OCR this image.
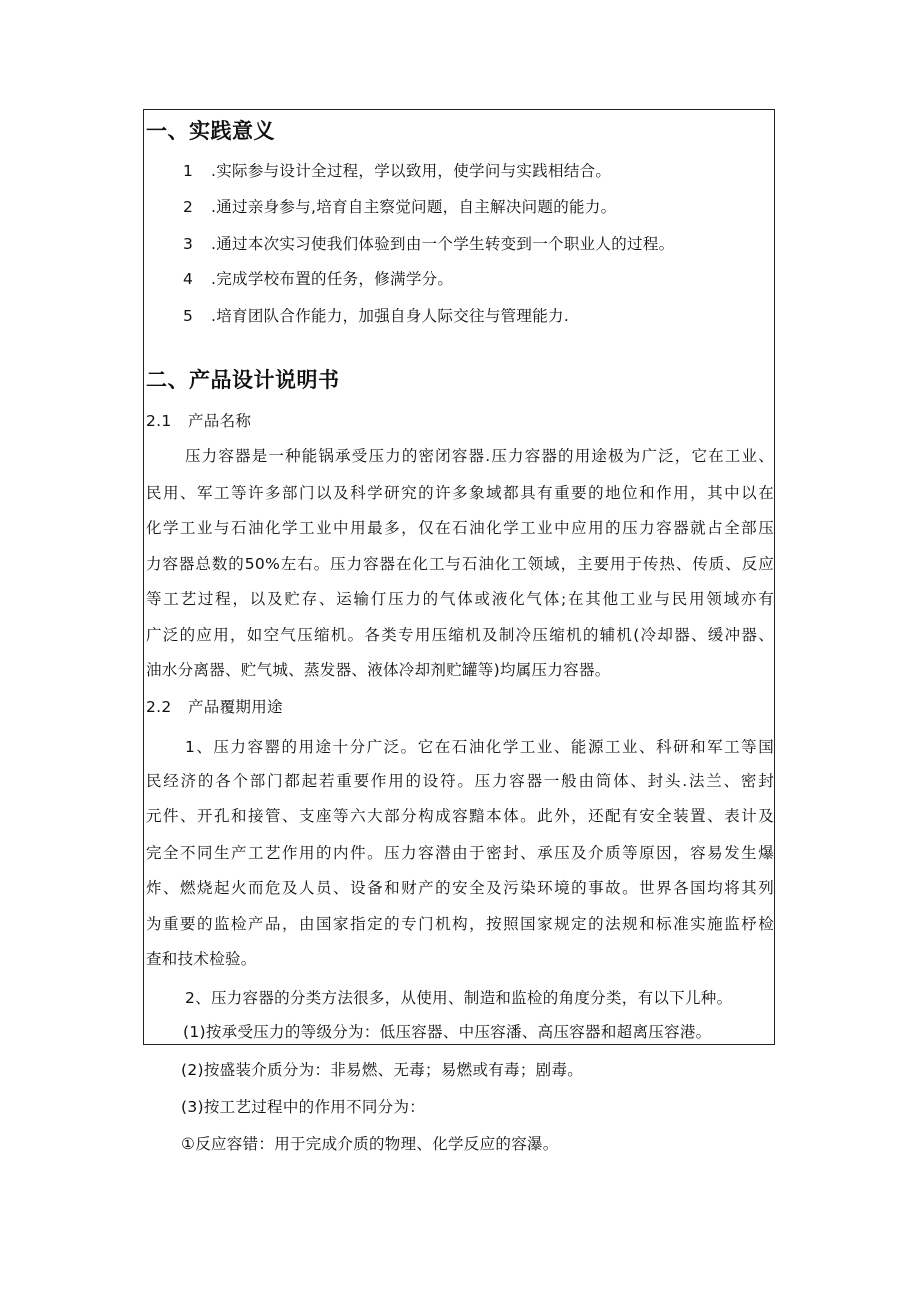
一、实践意义
1 .实际参与设计全过程，学以致用，使学问与实践相结合。
2 .通过亲身参与,培育自主察觉问题，自主解决问题的能力。
3 .通过本次实习使我们体验到由一个学生转变到一个职业人的过程。
4 .完成学校布置的任务，修满学分。
5 .培育团队合作能力，加强自身人际交往与管理能力.
二、产品设计说明书
2.1 产品名称
压力容器是一种能锅承受压力的密闭容器.压力容器的用途极为广泛，它在工业、
民用、军工等许多部门以及科学研究的许多象域都具有重要的地位和作用，其中以在
化学工业与石油化学工业中用最多，仅在石油化学工业中应用的压力容器就占全部压
力容器总数的50%左右。压力容器在化工与石油化工领域，主要用于传热、传质、反应
等工艺过程，以及贮存、运输仃压力的气体或液化气体;在其他工业与民用领域亦有
广泛的应用，如空气压缩机。各类专用压缩机及制冷压缩机的辅机(冷却器、缓冲器、
油水分离器、贮气城、蒸发器、液体冷却剂贮罐等)均属压力容器。
2.2 产品覆期用途
1、压力容罂的用途十分广泛。它在石油化学工业、能源工业、科研和军工等国
民经济的各个部门都起若重要作用的设符。压力容器一般由筒体、封头.法兰、密封
元件、开孔和接管、支座等六大部分构成容黯本体。此外，还配有安全装置、表计及
完全不同生产工艺作用的内件。压力容潜由于密封、承压及介质等原因，容易发生爆
炸、燃烧起火而危及人员、设备和财产的安全及污染环境的事故。世界各国均将其列
为重要的监检产品，由国家指定的专门机构，按照国家规定的法规和标准实施监杼检
查和技术检验。
2、压力容器的分类方法很多，从使用、制造和监检的角度分类，有以下儿种。
(1)按承受压力的等级分为：低压容器、中压容潘、高压容器和超离压容港。
(2)按盛装介质分为：非易燃、无毒；易燃或有毒；剧毒。
(3)按工艺过程中的作用不同分为：
①反应容错：用于完成介质的物理、化学反应的容瀑。
